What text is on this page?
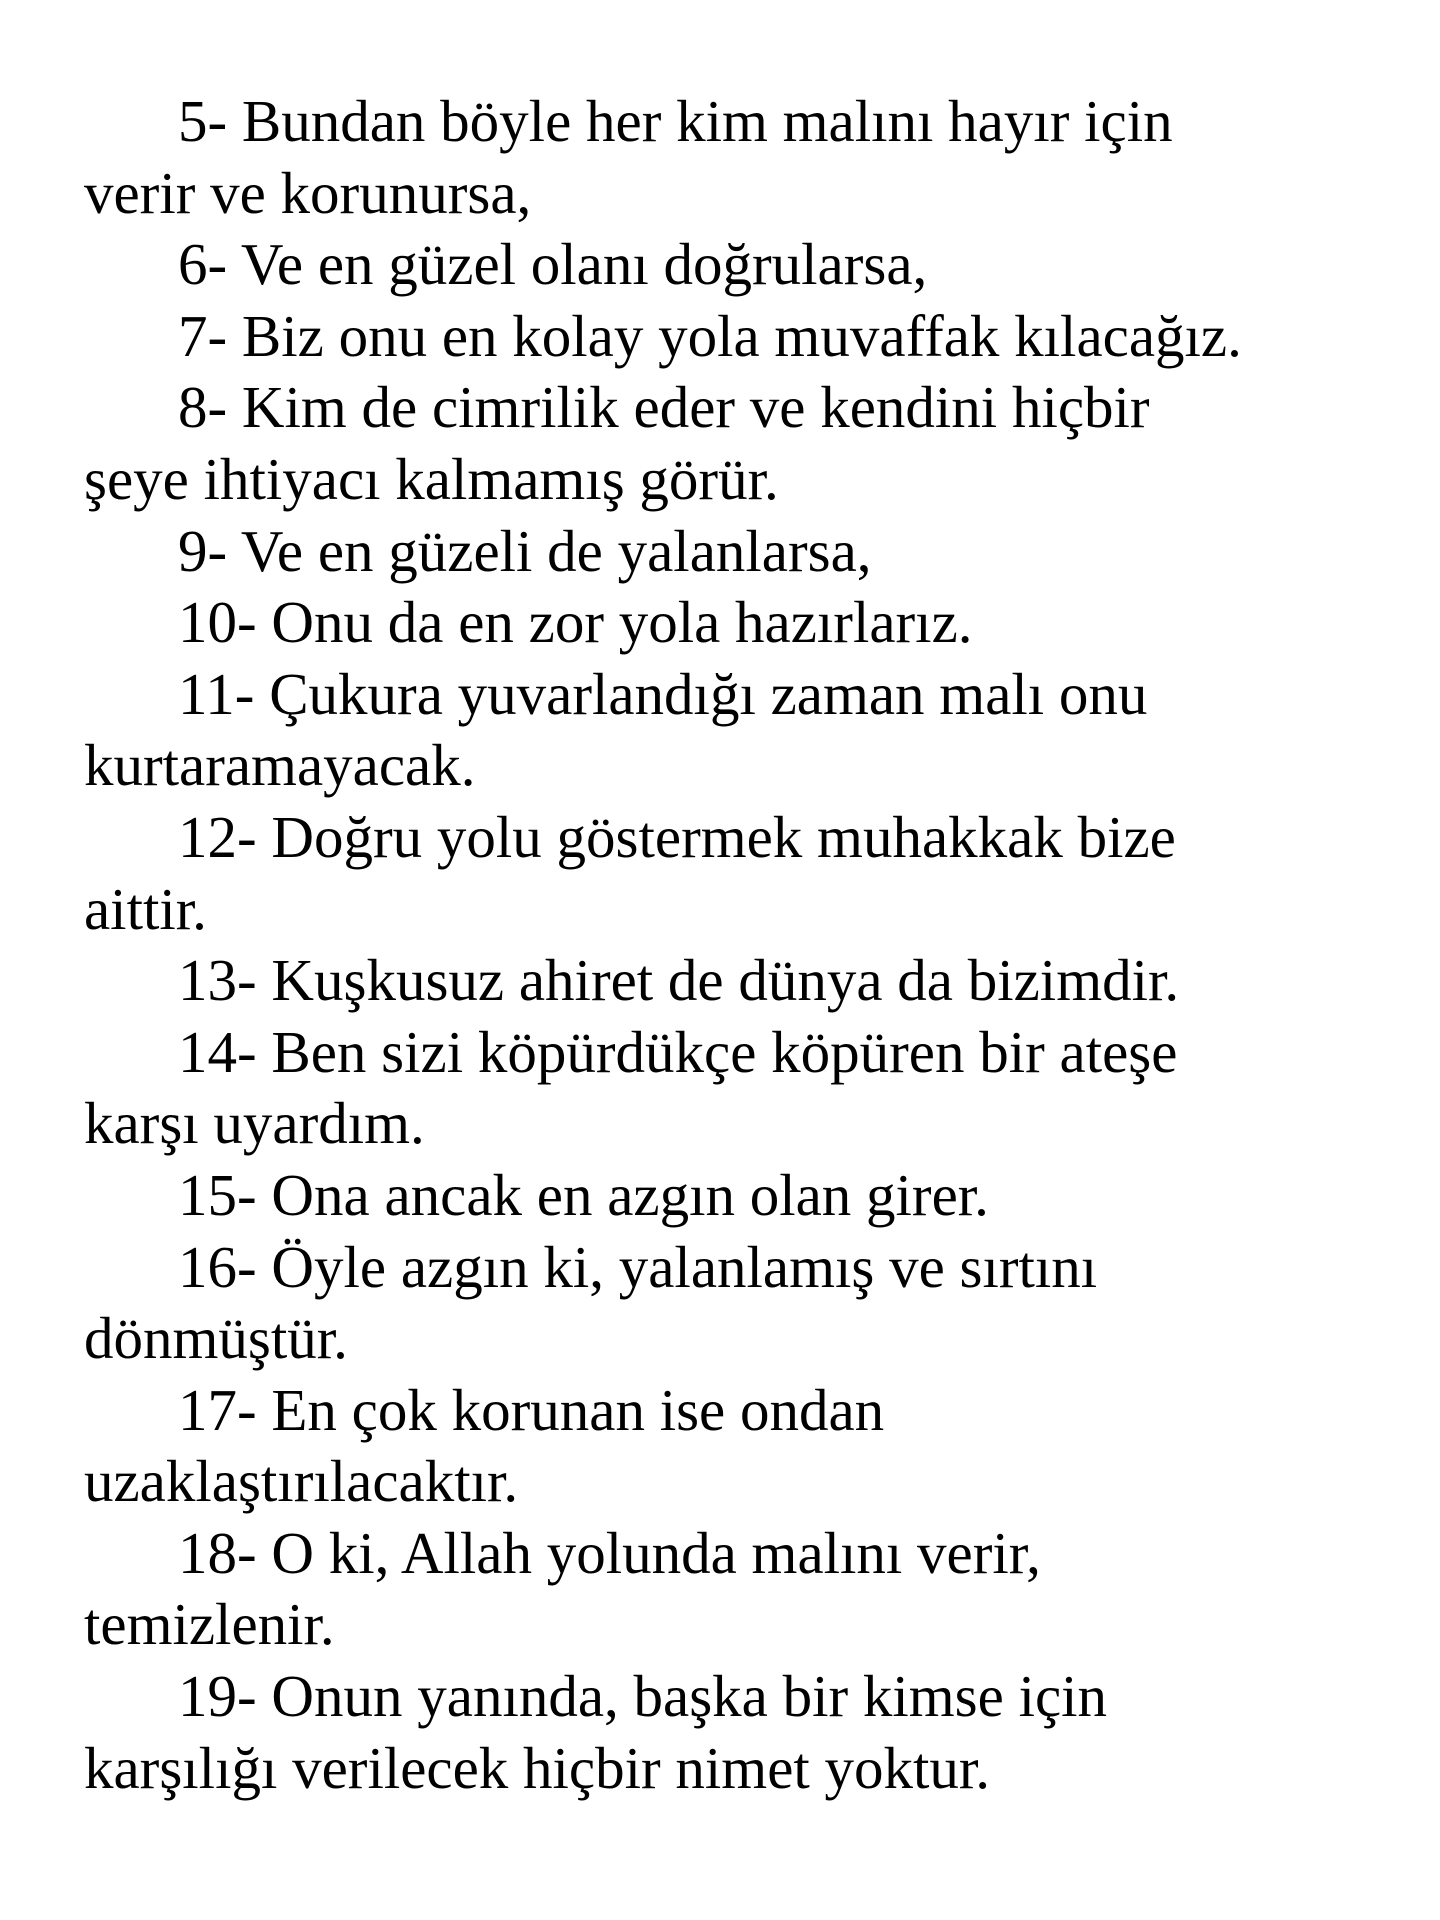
5- Bundan böyle her kim malını hayır için
verir ve korunursa,

6- Ve en güzel olanı doğrularsa,

7- Biz onu en kolay yola muvaffak kılacağız.

8- Kim de cimrilik eder ve kendini hiçbir
şeye ihtiyacı kalmamış görür.

9- Ve en güzeli de yalanlarsa,

10- Onu da en zor yola hazırlarız.

11- Çukura yuvarlandığı zaman malı onu
kurtaramayacak.

12- Doğru yolu göstermek muhakkak bize
aittir.

13- Kuşkusuz ahiret de dünya da bizimdir.

14- Ben sizi köpürdükçe köpüren bir ateşe
karşı uyardım.

15- Ona ancak en azgın olan girer.

16- Öyle azgın ki, yalanlamış ve sırtını
dönmüştür.

17- En çok korunan ise ondan
uzaklaştırılacaktır.

18- O ki, Allah yolunda malını verir,
temizlenir.

19- Onun yanında, başka bir kimse için
karşılığı verilecek hiçbir nimet yoktur.
